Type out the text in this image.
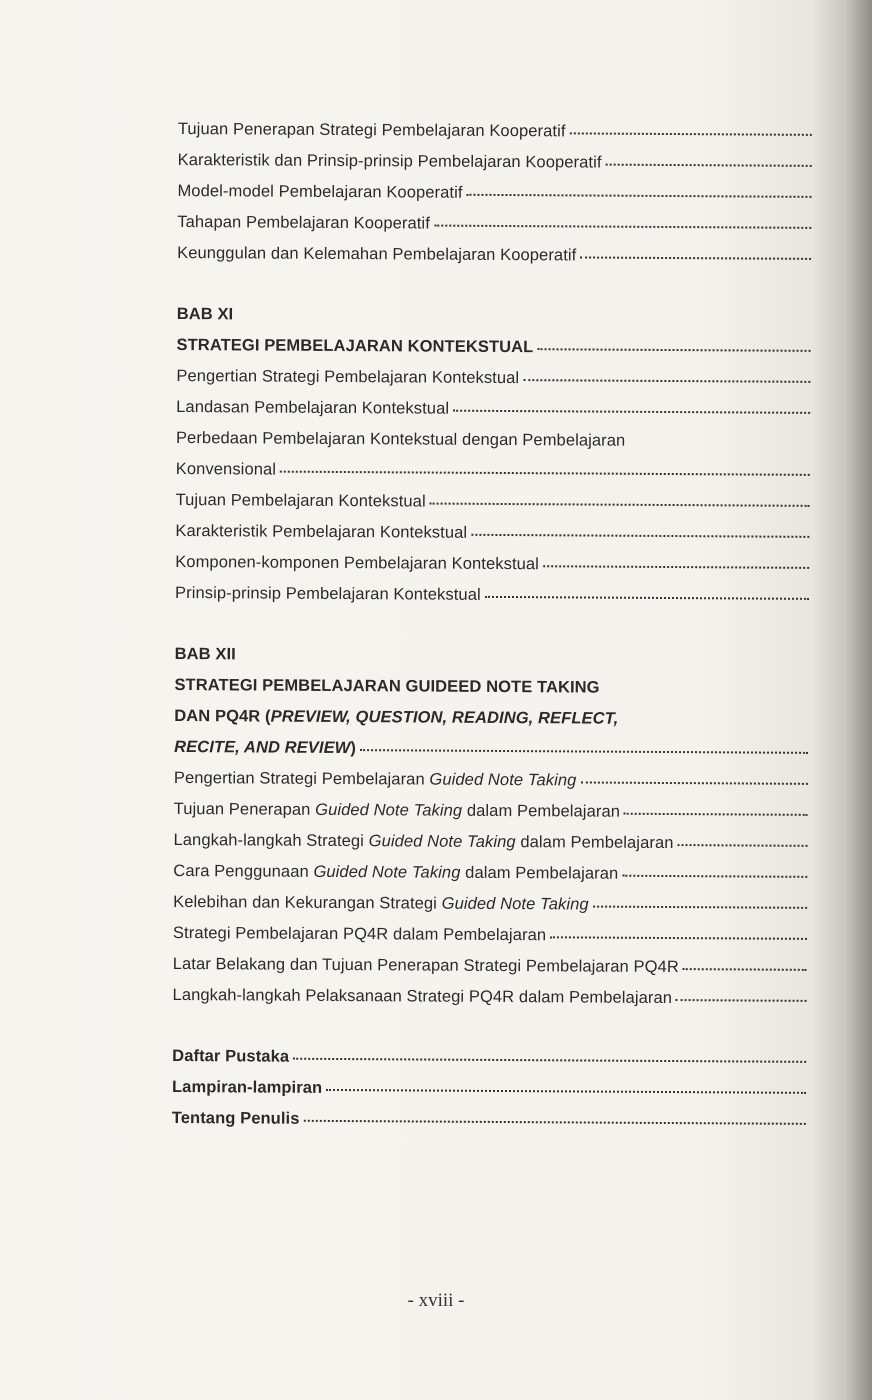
Tujuan Penerapan Strategi Pembelajaran Kooperatif
Karakteristik dan Prinsip-prinsip Pembelajaran Kooperatif
Model-model Pembelajaran Kooperatif
Tahapan Pembelajaran Kooperatif
Keunggulan dan Kelemahan Pembelajaran Kooperatif
BAB XI
STRATEGI PEMBELAJARAN KONTEKSTUAL
Pengertian Strategi Pembelajaran Kontekstual
Landasan Pembelajaran Kontekstual
Perbedaan Pembelajaran Kontekstual dengan Pembelajaran
Konvensional
Tujuan Pembelajaran Kontekstual
Karakteristik Pembelajaran Kontekstual
Komponen-komponen Pembelajaran Kontekstual
Prinsip-prinsip Pembelajaran Kontekstual
BAB XII
STRATEGI PEMBELAJARAN GUIDEED NOTE TAKING
DAN PQ4R (PREVIEW, QUESTION, READING, REFLECT,
RECITE, AND REVIEW)
Pengertian Strategi Pembelajaran Guided Note Taking
Tujuan Penerapan Guided Note Taking dalam Pembelajaran
Langkah-langkah Strategi Guided Note Taking dalam Pembelajaran
Cara Penggunaan Guided Note Taking dalam Pembelajaran
Kelebihan dan Kekurangan Strategi Guided Note Taking
Strategi Pembelajaran PQ4R dalam Pembelajaran
Latar Belakang dan Tujuan Penerapan Strategi Pembelajaran PQ4R
Langkah-langkah Pelaksanaan Strategi PQ4R dalam Pembelajaran
Daftar Pustaka
Lampiran-lampiran
Tentang Penulis
- xviii -
